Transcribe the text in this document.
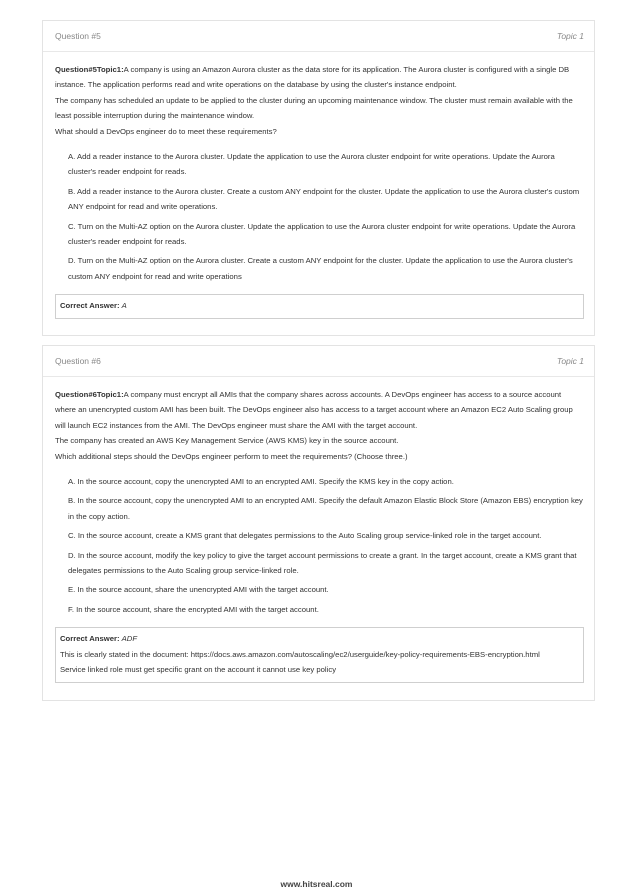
Question #5	Topic 1

Question#5Topic1:A company is using an Amazon Aurora cluster as the data store for its application. The Aurora cluster is configured with a single DB instance. The application performs read and write operations on the database by using the cluster's instance endpoint.

The company has scheduled an update to be applied to the cluster during an upcoming maintenance window. The cluster must remain available with the least possible interruption during the maintenance window.

What should a DevOps engineer do to meet these requirements?

A. Add a reader instance to the Aurora cluster. Update the application to use the Aurora cluster endpoint for write operations. Update the Aurora cluster's reader endpoint for reads.
B. Add a reader instance to the Aurora cluster. Create a custom ANY endpoint for the cluster. Update the application to use the Aurora cluster's custom ANY endpoint for read and write operations.
C. Turn on the Multi-AZ option on the Aurora cluster. Update the application to use the Aurora cluster endpoint for write operations. Update the Aurora cluster's reader endpoint for reads.
D. Turn on the Multi-AZ option on the Aurora cluster. Create a custom ANY endpoint for the cluster. Update the application to use the Aurora cluster's custom ANY endpoint for read and write operations
Correct Answer: A
Question #6	Topic 1

Question#6Topic1:A company must encrypt all AMIs that the company shares across accounts. A DevOps engineer has access to a source account where an unencrypted custom AMI has been built. The DevOps engineer also has access to a target account where an Amazon EC2 Auto Scaling group will launch EC2 instances from the AMI. The DevOps engineer must share the AMI with the target account.

The company has created an AWS Key Management Service (AWS KMS) key in the source account.

Which additional steps should the DevOps engineer perform to meet the requirements? (Choose three.)

A. In the source account, copy the unencrypted AMI to an encrypted AMI. Specify the KMS key in the copy action.
B. In the source account, copy the unencrypted AMI to an encrypted AMI. Specify the default Amazon Elastic Block Store (Amazon EBS) encryption key in the copy action.
C. In the source account, create a KMS grant that delegates permissions to the Auto Scaling group service-linked role in the target account.
D. In the source account, modify the key policy to give the target account permissions to create a grant. In the target account, create a KMS grant that delegates permissions to the Auto Scaling group service-linked role.
E. In the source account, share the unencrypted AMI with the target account.
F. In the source account, share the encrypted AMI with the target account.
Correct Answer: ADF
This is clearly stated in the document: https://docs.aws.amazon.com/autoscaling/ec2/userguide/key-policy-requirements-EBS-encryption.html
Service linked role must get specific grant on the account it cannot use key policy
www.hitsreal.com
